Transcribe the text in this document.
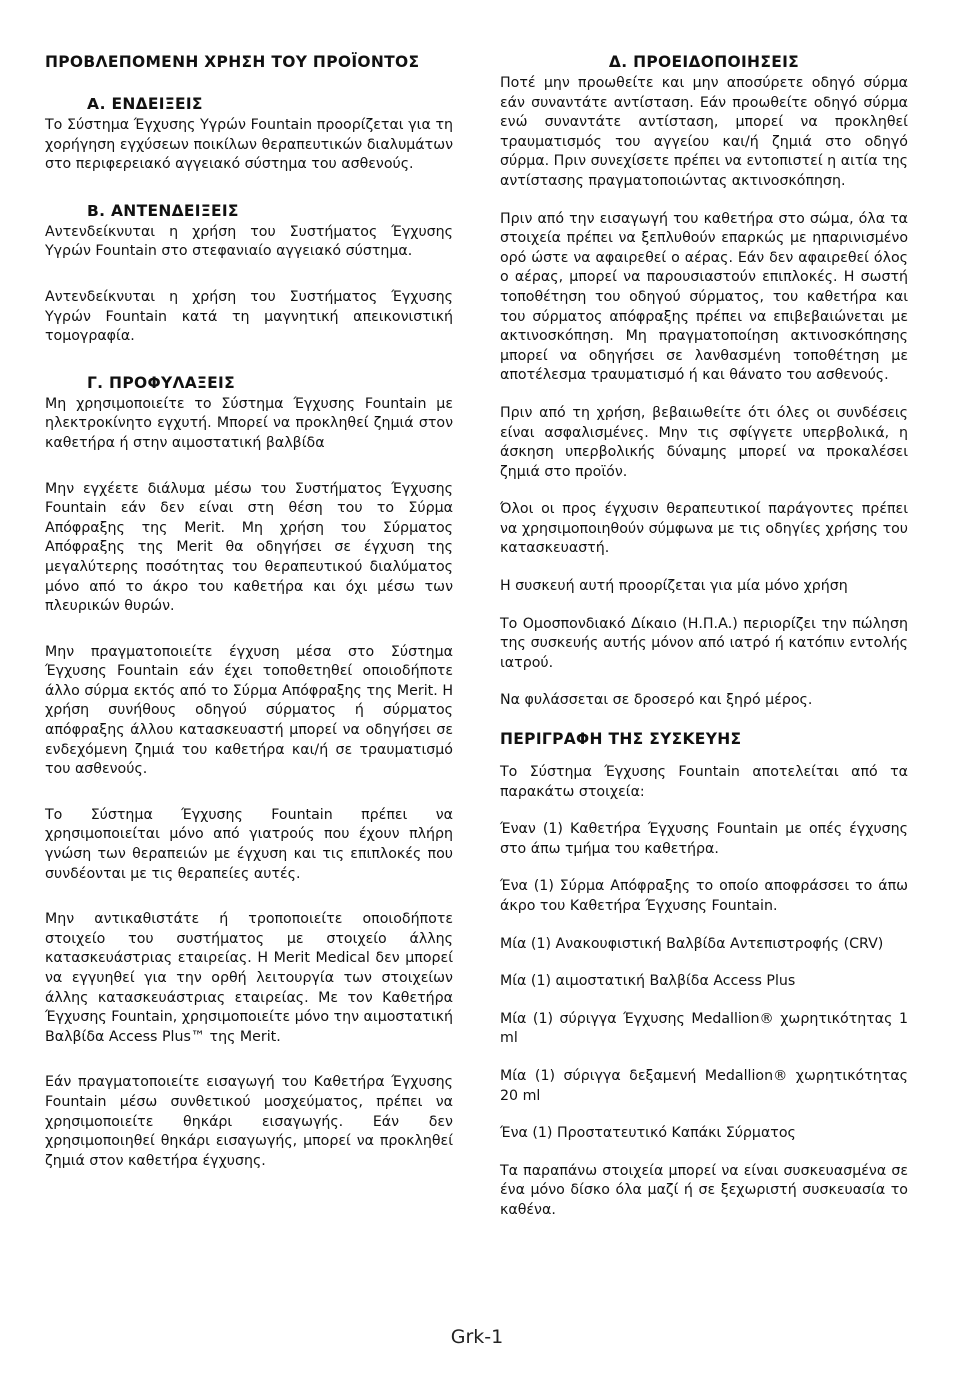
ΠΡΟΒΛΕΠΟΜΕΝΗ ΧΡΗΣΗ ΤΟΥ ΠΡΟΪΟΝΤΟΣ
A. ΕΝΔΕΙΞΕΙΣ

Το Σύστημα Έγχυσης Υγρών Fountain προορίζεται για τη χορήγηση εγχύσεων ποικίλων θεραπευτικών διαλυμάτων στο περιφερειακό αγγειακό σύστημα του ασθενούς.

B. ΑΝΤΕΝΔΕΙΞΕΙΣ

Αντενδείκνυται η χρήση του Συστήματος Έγχυσης Υγρών Fountain στο στεφανιαίο αγγειακό σύστημα.

Αντενδείκνυται η χρήση του Συστήματος Έγχυσης Υγρών Fountain κατά τη μαγνητική απεικονιστική τομογραφία.

Γ. ΠΡΟΦΥΛΑΞΕΙΣ

Μη χρησιμοποιείτε το Σύστημα Έγχυσης Fountain με ηλεκτροκίνητο εγχυτή. Μπορεί να προκληθεί ζημιά στον καθετήρα ή στην αιμοστατική βαλβίδα

Μην εγχέετε διάλυμα μέσω του Συστήματος Έγχυσης Fountain εάν δεν είναι στη θέση του το Σύρμα Απόφραξης της Merit. Μη χρήση του Σύρματος Απόφραξης της Merit θα οδηγήσει σε έγχυση της μεγαλύτερης ποσότητας του θεραπευτικού διαλύματος μόνο από το άκρο του καθετήρα και όχι μέσω των πλευρικών θυρών.

Μην πραγματοποιείτε έγχυση μέσα στο Σύστημα Έγχυσης Fountain εάν έχει τοποθετηθεί οποιοδήποτε άλλο σύρμα εκτός από το Σύρμα Απόφραξης της Merit. Η χρήση συνήθους οδηγού σύρματος ή σύρματος απόφραξης άλλου κατασκευαστή μπορεί να οδηγήσει σε ενδεχόμενη ζημιά του καθετήρα και/ή σε τραυματισμό του ασθενούς.

Το Σύστημα Έγχυσης Fountain πρέπει να χρησιμοποιείται μόνο από γιατρούς που έχουν πλήρη γνώση των θεραπειών με έγχυση και τις επιπλοκές που συνδέονται με τις θεραπείες αυτές.

Μην αντικαθιστάτε ή τροποποιείτε οποιοδήποτε στοιχείο του συστήματος με στοιχείο άλλης κατασκευάστριας εταιρείας. Η Merit Medical δεν μπορεί να εγγυηθεί για την ορθή λειτουργία των στοιχείων άλλης κατασκευάστριας εταιρείας. Με τον Καθετήρα Έγχυσης Fountain, χρησιμοποιείτε μόνο την αιμοστατική Βαλβίδα Access Plus™ της Merit.

Εάν πραγματοποιείτε εισαγωγή του Καθετήρα Έγχυσης Fountain μέσω συνθετικού μοσχεύματος, πρέπει να χρησιμοποιείτε θηκάρι εισαγωγής. Εάν δεν χρησιμοποιηθεί θηκάρι εισαγωγής, μπορεί να προκληθεί ζημιά στον καθετήρα έγχυσης.

Δ. ΠΡΟΕΙΔΟΠΟΙΗΣΕΙΣ

Ποτέ μην προωθείτε και μην αποσύρετε οδηγό σύρμα εάν συναντάτε αντίσταση. Εάν προωθείτε οδηγό σύρμα ενώ συναντάτε αντίσταση, μπορεί να προκληθεί τραυματισμός του αγγείου και/ή ζημιά στο οδηγό σύρμα. Πριν συνεχίσετε πρέπει να εντοπιστεί η αιτία της αντίστασης πραγματοποιώντας ακτινοσκόπηση.

Πριν από την εισαγωγή του καθετήρα στο σώμα, όλα τα στοιχεία πρέπει να ξεπλυθούν επαρκώς με ηπαρινισμένο ορό ώστε να αφαιρεθεί ο αέρας. Εάν δεν αφαιρεθεί όλος ο αέρας, μπορεί να παρουσιαστούν επιπλοκές. Η σωστή τοποθέτηση του οδηγού σύρματος, του καθετήρα και του σύρματος απόφραξης πρέπει να επιβεβαιώνεται με ακτινοσκόπηση. Μη πραγματοποίηση ακτινοσκόπησης μπορεί να οδηγήσει σε λανθασμένη τοποθέτηση με αποτέλεσμα τραυματισμό ή και θάνατο του ασθενούς.

Πριν από τη χρήση, βεβαιωθείτε ότι όλες οι συνδέσεις είναι ασφαλισμένες. Μην τις σφίγγετε υπερβολικά, η άσκηση υπερβολικής δύναμης μπορεί να προκαλέσει ζημιά στο προϊόν.

Όλοι οι προς έγχυσιν θεραπευτικοί παράγοντες πρέπει να χρησιμοποιηθούν σύμφωνα με τις οδηγίες χρήσης του κατασκευαστή.

Η συσκευή αυτή προορίζεται για μία μόνο χρήση

Το Ομοσπονδιακό Δίκαιο (Η.Π.Α.) περιορίζει την πώληση της συσκευής αυτής μόνον από ιατρό ή κατόπιν εντολής ιατρού.

Να φυλάσσεται σε δροσερό και ξηρό μέρος.

ΠΕΡΙΓΡΑΦΗ ΤΗΣ ΣΥΣΚΕΥΗΣ

Το Σύστημα Έγχυσης Fountain αποτελείται από τα παρακάτω στοιχεία:

Έναν (1) Καθετήρα Έγχυσης Fountain με οπές έγχυσης στο άπω τμήμα του καθετήρα.

Ένα (1) Σύρμα Απόφραξης το οποίο αποφράσσει το άπω άκρο του Καθετήρα Έγχυσης Fountain.

Μία (1) Ανακουφιστική Βαλβίδα Αντεπιστροφής (CRV)

Μία (1) αιμοστατική Βαλβίδα Access Plus

Μία (1) σύριγγα Έγχυσης Medallion® χωρητικότητας 1 ml

Μία (1) σύριγγα δεξαμενή Medallion® χωρητικότητας 20 ml

Ένα (1) Προστατευτικό Καπάκι Σύρματος

Τα παραπάνω στοιχεία μπορεί να είναι συσκευασμένα σε ένα μόνο δίσκο όλα μαζί ή σε ξεχωριστή συσκευασία το καθένα.

Grk-1
